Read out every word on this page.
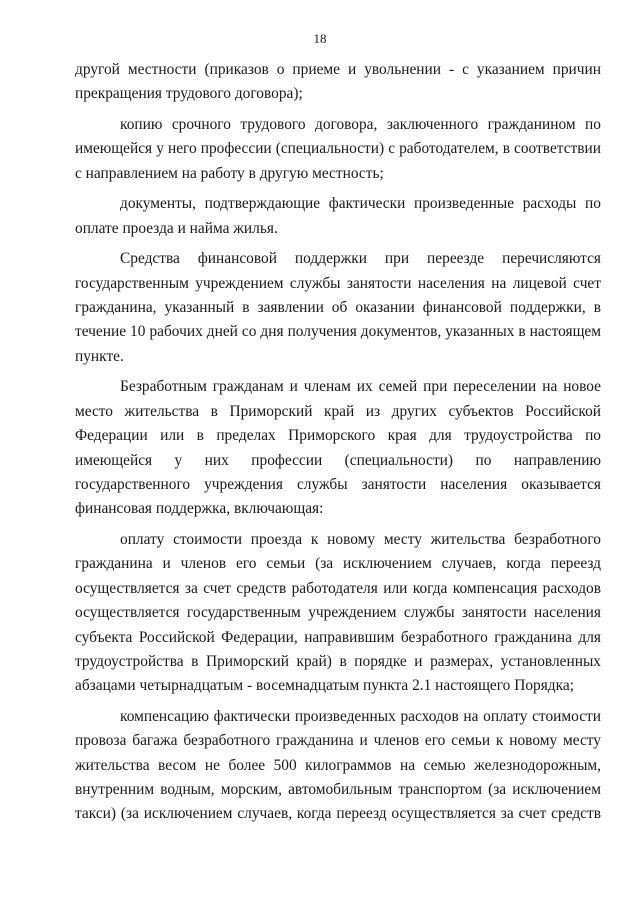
18
другой местности (приказов о приеме и увольнении - с указанием причин
прекращения трудового договора);
копию срочного трудового договора, заключенного гражданином по
имеющейся у него профессии (специальности) с работодателем, в соответствии
с направлением на работу в другую местность;
документы, подтверждающие фактически произведенные расходы по
оплате проезда и найма жилья.
Средства финансовой поддержки при переезде перечисляются
государственным учреждением службы занятости населения на лицевой счет
гражданина, указанный в заявлении об оказании финансовой поддержки, в
течение 10 рабочих дней со дня получения документов, указанных в настоящем
пункте.
Безработным гражданам и членам их семей при переселении на новое
место жительства в Приморский край из других субъектов Российской
Федерации или в пределах Приморского края для трудоустройства по
имеющейся у них профессии (специальности) по направлению
государственного учреждения службы занятости населения оказывается
финансовая поддержка, включающая:
оплату стоимости проезда к новому месту жительства безработного
гражданина и членов его семьи (за исключением случаев, когда переезд
осуществляется за счет средств работодателя или когда компенсация расходов
осуществляется государственным учреждением службы занятости населения
субъекта Российской Федерации, направившим безработного гражданина для
трудоустройства в Приморский край) в порядке и размерах, установленных
абзацами четырнадцатым - восемнадцатым пункта 2.1 настоящего Порядка;
компенсацию фактически произведенных расходов на оплату стоимости
провоза багажа безработного гражданина и членов его семьи к новому месту
жительства весом не более 500 килограммов на семью железнодорожным,
внутренним водным, морским, автомобильным транспортом (за исключением
такси) (за исключением случаев, когда переезд осуществляется за счет средств
